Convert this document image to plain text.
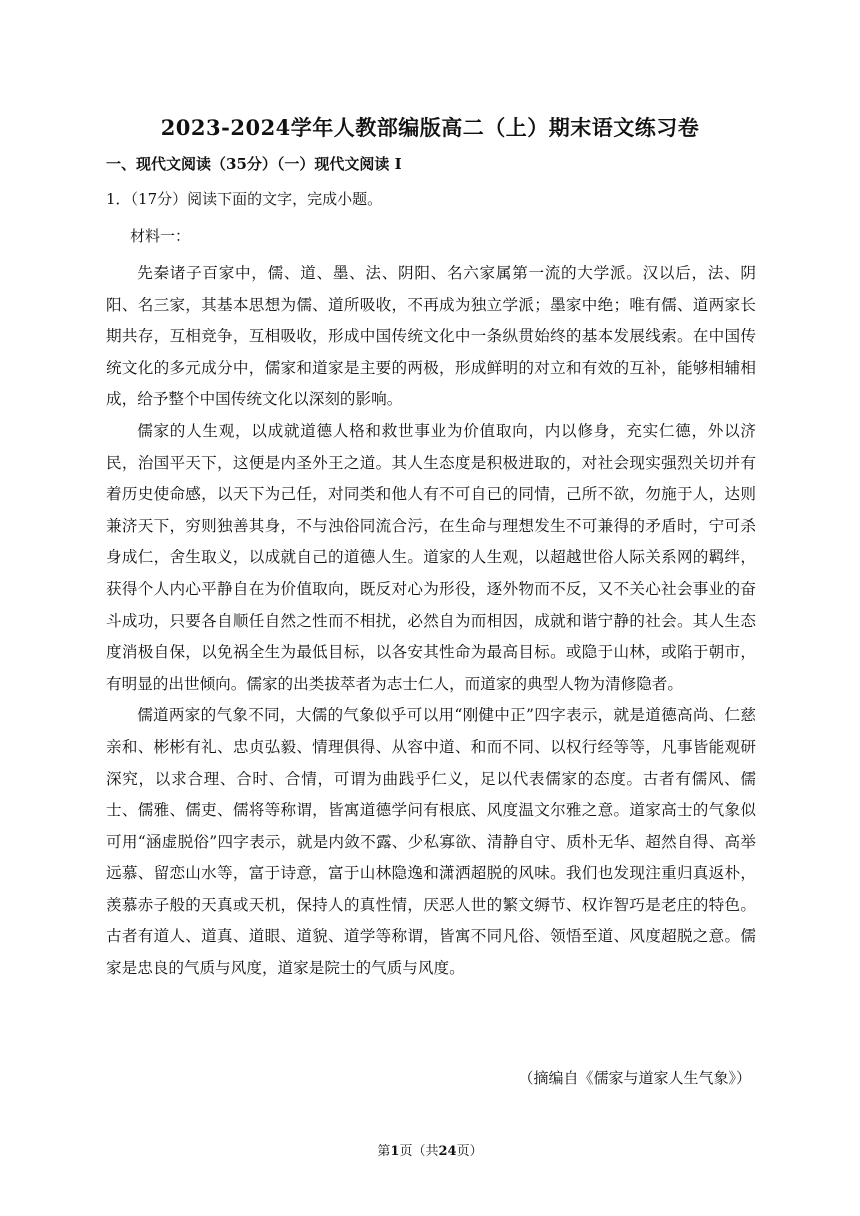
2023-2024学年人教部编版高二（上）期末语文练习卷
一、现代文阅读（35分）（一）现代文阅读 I
1．（17分）阅读下面的文字，完成小题。
材料一：

先秦诸子百家中，儒、道、墨、法、阴阳、名六家属第一流的大学派。汉以后，法、阴阳、名三家，其基本思想为儒、道所吸收，不再成为独立学派；墨家中绝；唯有儒、道两家长期共存，互相竞争，互相吸收，形成中国传统文化中一条纵贯始终的基本发展线索。在中国传统文化的多元成分中，儒家和道家是主要的两极，形成鲜明的对立和有效的互补，能够相辅相成，给予整个中国传统文化以深刻的影响。

儒家的人生观，以成就道德人格和救世事业为价值取向，内以修身，充实仁德，外以济民，治国平天下，这便是内圣外王之道。其人生态度是积极进取的，对社会现实强烈关切并有着历史使命感，以天下为己任，对同类和他人有不可自已的同情，己所不欲，勿施于人，达则兼济天下，穷则独善其身，不与浊俗同流合污，在生命与理想发生不可兼得的矛盾时，宁可杀身成仁，舍生取义，以成就自己的道德人生。道家的人生观，以超越世俗人际关系网的羁绊，获得个人内心平静自在为价值取向，既反对心为形役，逐外物而不反，又不关心社会事业的奋斗成功，只要各自顺任自然之性而不相扰，必然自为而相因，成就和谐宁静的社会。其人生态度消极自保，以免祸全生为最低目标，以各安其性命为最高目标。或隐于山林，或陷于朝市，有明显的出世倾向。儒家的出类拔萃者为志士仁人，而道家的典型人物为清修隐者。

儒道两家的气象不同，大儒的气象似乎可以用“刚健中正”四字表示，就是道德高尚、仁慈亲和、彬彬有礼、忠贞弘毅、情理俱得、从容中道、和而不同、以权行经等等，凡事皆能观研深究，以求合理、合时、合情，可谓为曲践乎仁义，足以代表儒家的态度。古者有儒风、儒士、儒雅、儒吏、儒将等称谓，皆寓道德学问有根底、风度温文尔雅之意。道家高士的气象似可用“涵虚脱俗”四字表示，就是内敛不露、少私寡欲、清静自守、质朴无华、超然自得、高举远慕、留恋山水等，富于诗意，富于山林隐逸和潇洒超脱的风味。我们也发现注重归真返朴，羡慕赤子般的天真或天机，保持人的真性情，厌恶人世的繁文缛节、权诈智巧是老庄的特色。古者有道人、道真、道眼、道貌、道学等称谓，皆寓不同凡俗、领悟至道、风度超脱之意。儒家是忠良的气质与风度，道家是院士的气质与风度。

（摘编自《儒家与道家人生气象》）
第1页（共24页）
